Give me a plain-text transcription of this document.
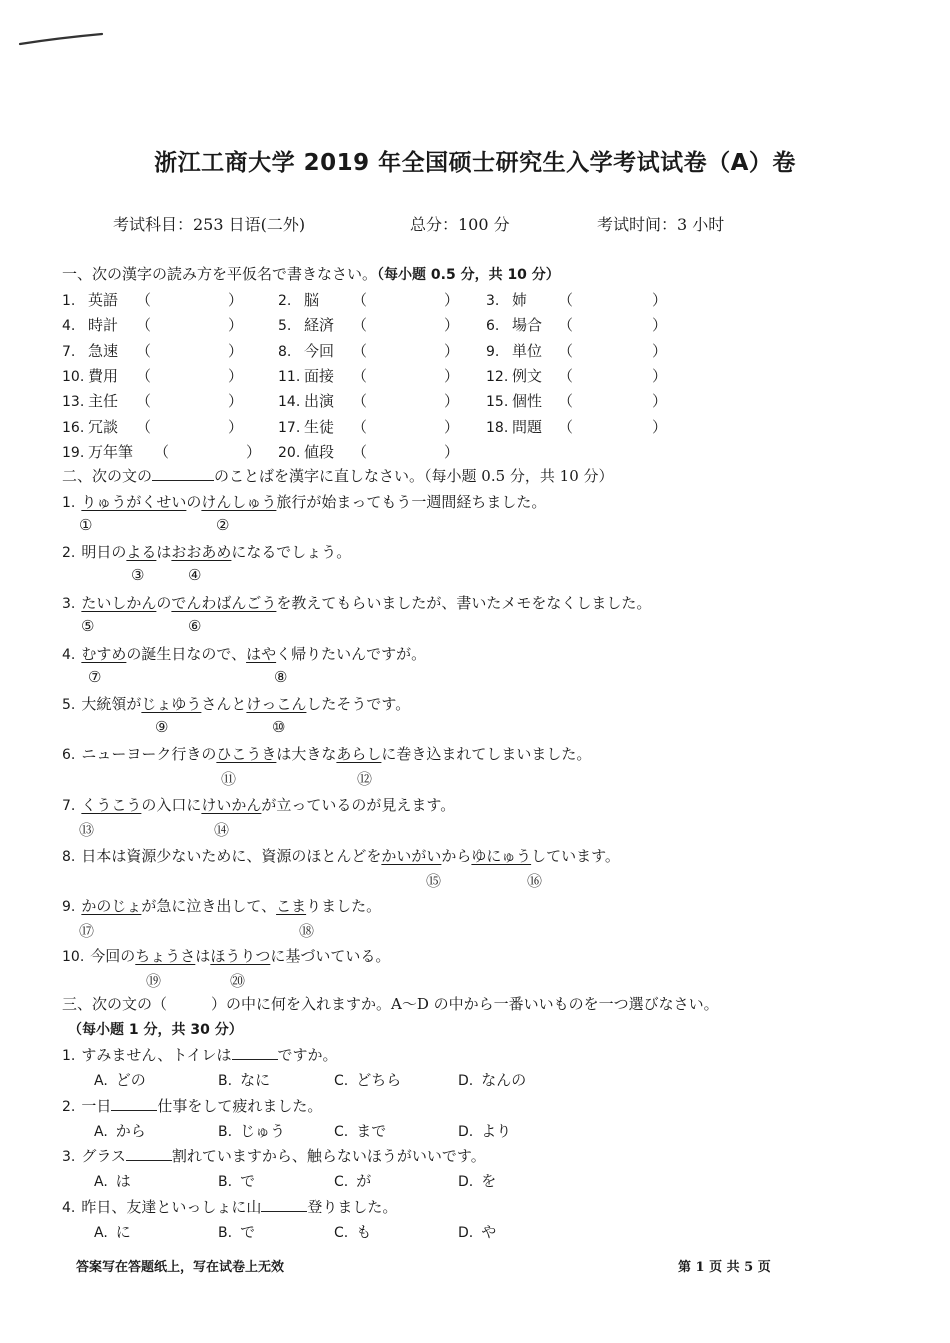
浙江工商大学 2019 年全国硕士研究生入学考试试卷（A）卷
考试科目：253 日语(二外)	总分：100 分	考试时间：3 小时
一、次の漢字の読み方を平仮名で書きなさい。（每小题 0.5 分，共 10 分）
1. 英語 （	） 2. 脳 （	） 3. 姉 （	）
4. 時計 （	） 5. 経済 （	） 6. 場合 （	）
7. 急速 （	） 8. 今回 （	） 9. 単位 （	）
10. 費用 （	） 11. 面接 （	） 12. 例文 （	）
13. 主任 （	） 14. 出演 （	） 15. 個性 （	）
16. 冗談 （	） 17. 生徒 （	） 18. 問題 （	）
19. 万年筆 （	） 20. 値段 （	）
二、次の文の	のことばを漢字に直しなさい。（每小题 0.5 分，共 10 分）
1. りゅうがくせいのけんしゅう旅行が始まってもう一週間経ちました。
①	②
2. 明日のよるはおおあめになるでしょう。
③	④
3. たいしかんのでんわばんごうを教えてもらいましたが、書いたメモをなくしました。
⑤	⑥
4. むすめの誕生日なので、はやく帰りたいんですが。
⑦	⑧
5. 大統領がじょゆうさんとけっこんしたそうです。
⑨	⑩
6. ニューヨーク行きのひこうきは大きなあらしに巻き込まれてしまいました。
⑪	⑫
7. くうこうの入口にけいかんが立っているのが見えます。
⑬	⑭
8. 日本は資源少ないために、資源のほとんどをかいがいからゆにゅうしています。
⑮	⑯
9. かのじょが急に泣き出して、こまりました。
⑰	⑱
10. 今回のちょうさはほうりつに基づいている。
⑲	⑳
三、次の文の（	）の中に何を入れますか。A～D の中から一番いいものを一つ選びなさい。
（每小题 1 分，共 30 分）
1. すみません、トイレは	ですか。
A. どの	B. なに	C. どちら	D. なんの
2. 一日	仕事をして疲れました。
A. から	B. じゅう	C. まで	D. より
3. グラス	割れていますから、触らないほうがいいです。
A. は	B. で	C. が	D. を
4. 昨日、友達といっしょに山	登りました。
A. に	B. で	C. も	D. や
答案写在答题纸上，写在试卷上无效	第 1 页 共 5 页
